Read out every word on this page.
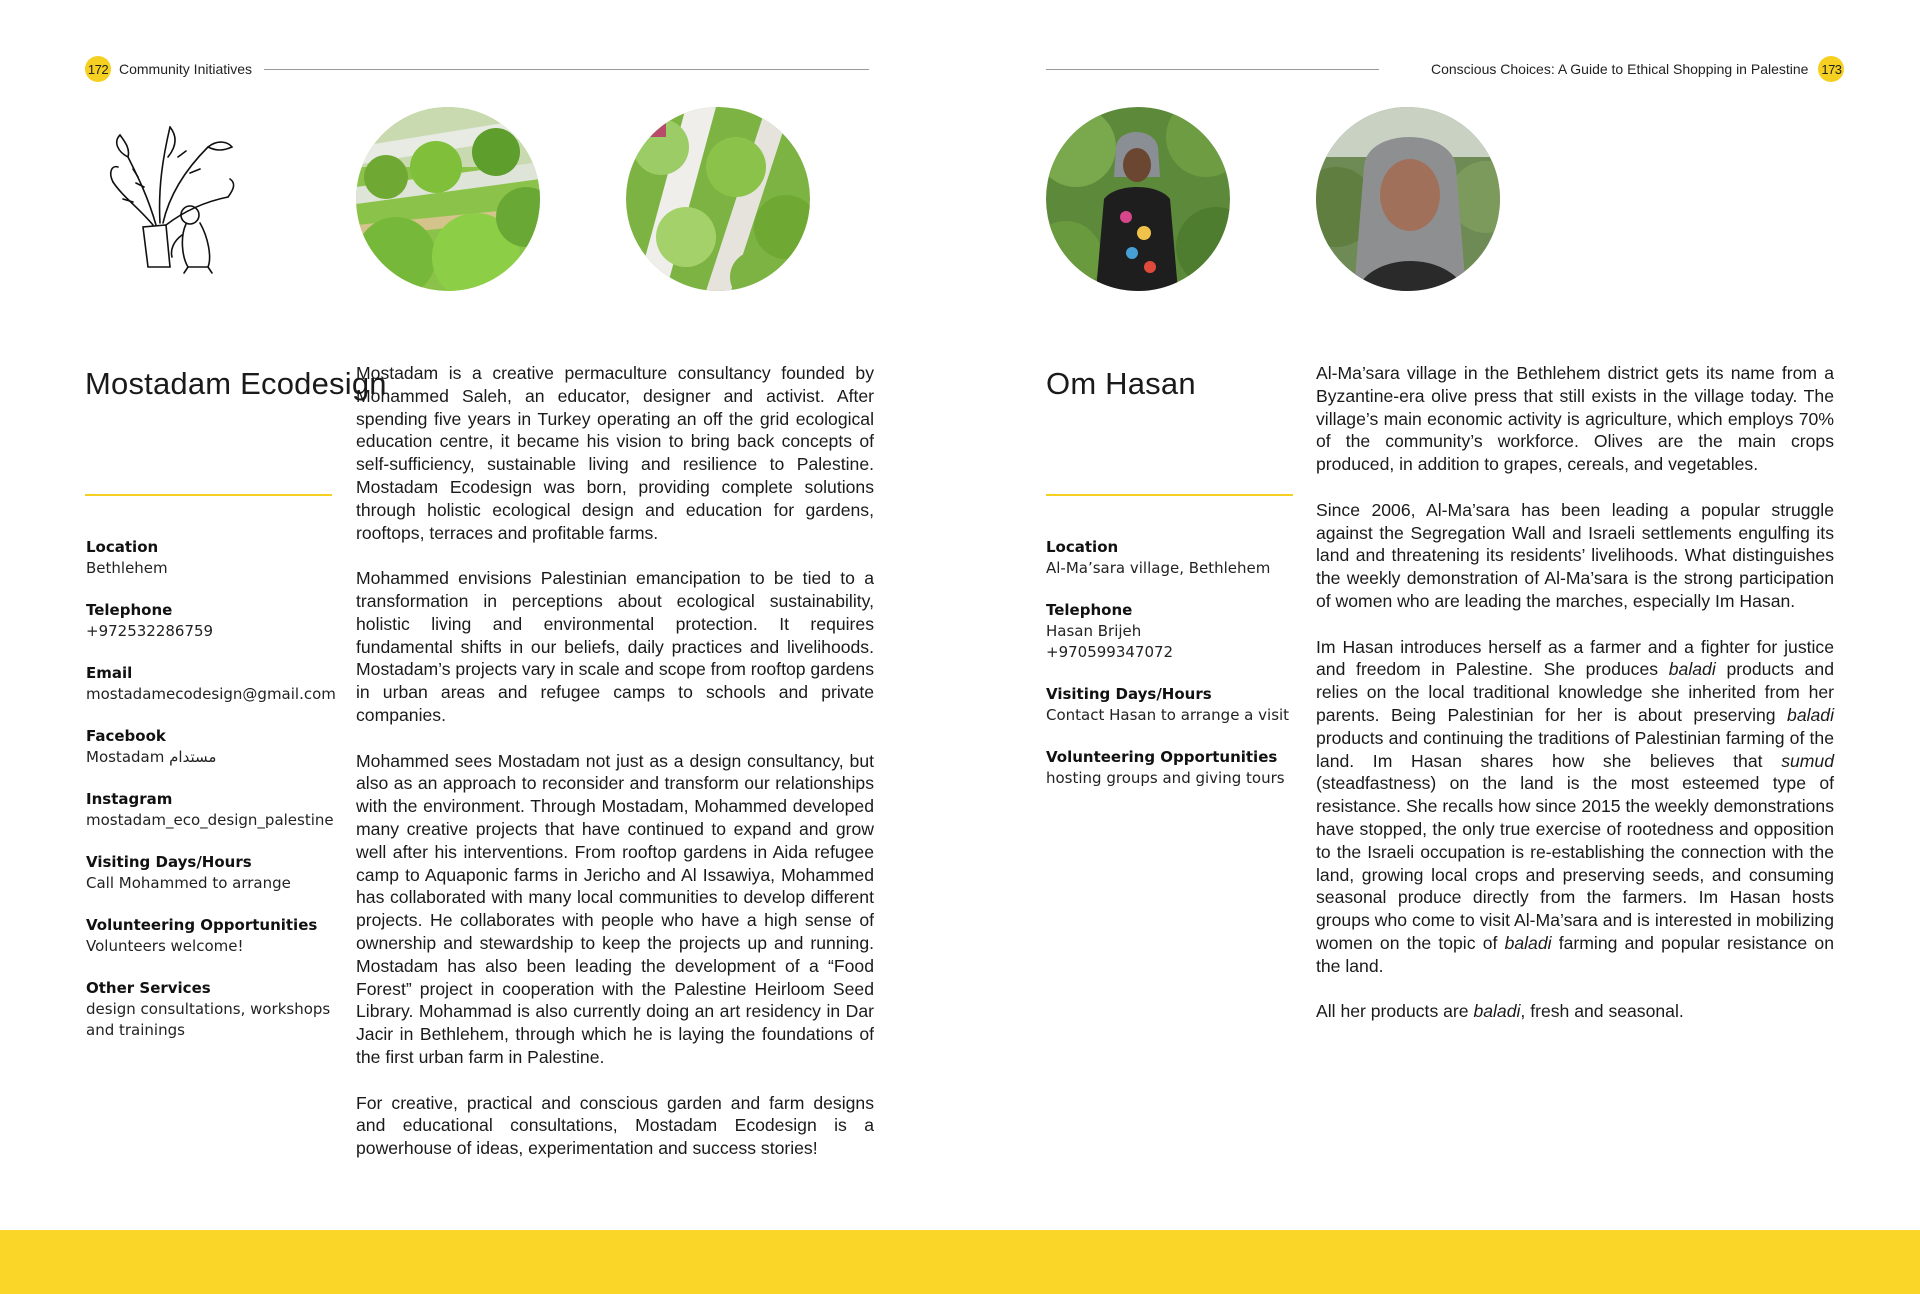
172 Community Initiatives
Mostadam Ecodesign
Location
Bethlehem
Telephone
+972532286759
Email
mostadamecodesign@gmail.com
Facebook
Mostadam مستدام
Instagram
mostadam_eco_design_palestine
Visiting Days/Hours
Call Mohammed to arrange
Volunteering Opportunities
Volunteers welcome!
Other Services
design consultations, workshops and trainings

Mostadam is a creative permaculture consultancy founded by Mohammed Saleh, an educator, designer and activist. After spending five years in Turkey operating an off the grid ecological education centre, it became his vision to bring back concepts of self-sufficiency, sustainable living and resilience to Palestine. Mostadam Ecodesign was born, providing complete solutions through holistic ecological design and education for gardens, rooftops, terraces and profitable farms.

Mohammed envisions Palestinian emancipation to be tied to a transformation in perceptions about ecological sustainability, holistic living and environmental protection. It requires fundamental shifts in our beliefs, daily practices and livelihoods. Mostadam’s projects vary in scale and scope from rooftop gardens in urban areas and refugee camps to schools and private companies.

Mohammed sees Mostadam not just as a design consultancy, but also as an approach to reconsider and transform our relationships with the environment. Through Mostadam, Mohammed developed many creative projects that have continued to expand and grow well after his interventions. From rooftop gardens in Aida refugee camp to Aquaponic farms in Jericho and Al Issawiya, Mohammed has collaborated with many local communities to develop different projects. He collaborates with people who have a high sense of ownership and stewardship to keep the projects up and running. Mostadam has also been leading the development of a “Food Forest” project in cooperation with the Palestine Heirloom Seed Library. Mohammad is also currently doing an art residency in Dar Jacir in Bethlehem, through which he is laying the foundations of the first urban farm in Palestine.

For creative, practical and conscious garden and farm designs and educational consultations, Mostadam Ecodesign is a powerhouse of ideas, experimentation and success stories!

Conscious Choices: A Guide to Ethical Shopping in Palestine 173
Om Hasan
Location
Al-Ma’sara village, Bethlehem
Telephone
Hasan Brijeh
+970599347072
Visiting Days/Hours
Contact Hasan to arrange a visit
Volunteering Opportunities
hosting groups and giving tours

Al-Ma’sara village in the Bethlehem district gets its name from a Byzantine-era olive press that still exists in the village today. The village’s main economic activity is agriculture, which employs 70% of the community’s workforce. Olives are the main crops produced, in addition to grapes, cereals, and vegetables.

Since 2006, Al-Ma’sara has been leading a popular struggle against the Segregation Wall and Israeli settlements engulfing its land and threatening its residents’ livelihoods. What distinguishes the weekly demonstration of Al-Ma’sara is the strong participation of women who are leading the marches, especially Im Hasan.

Im Hasan introduces herself as a farmer and a fighter for justice and freedom in Palestine. She produces baladi products and relies on the local traditional knowledge she inherited from her parents. Being Palestinian for her is about preserving baladi products and continuing the traditions of Palestinian farming of the land. Im Hasan shares how she believes that sumud (steadfastness) on the land is the most esteemed type of resistance. She recalls how since 2015 the weekly demonstrations have stopped, the only true exercise of rootedness and opposition to the Israeli occupation is re-establishing the connection with the land, growing local crops and preserving seeds, and consuming seasonal produce directly from the farmers. Im Hasan hosts groups who come to visit Al-Ma’sara and is interested in mobilizing women on the topic of baladi farming and popular resistance on the land.

All her products are baladi, fresh and seasonal.
